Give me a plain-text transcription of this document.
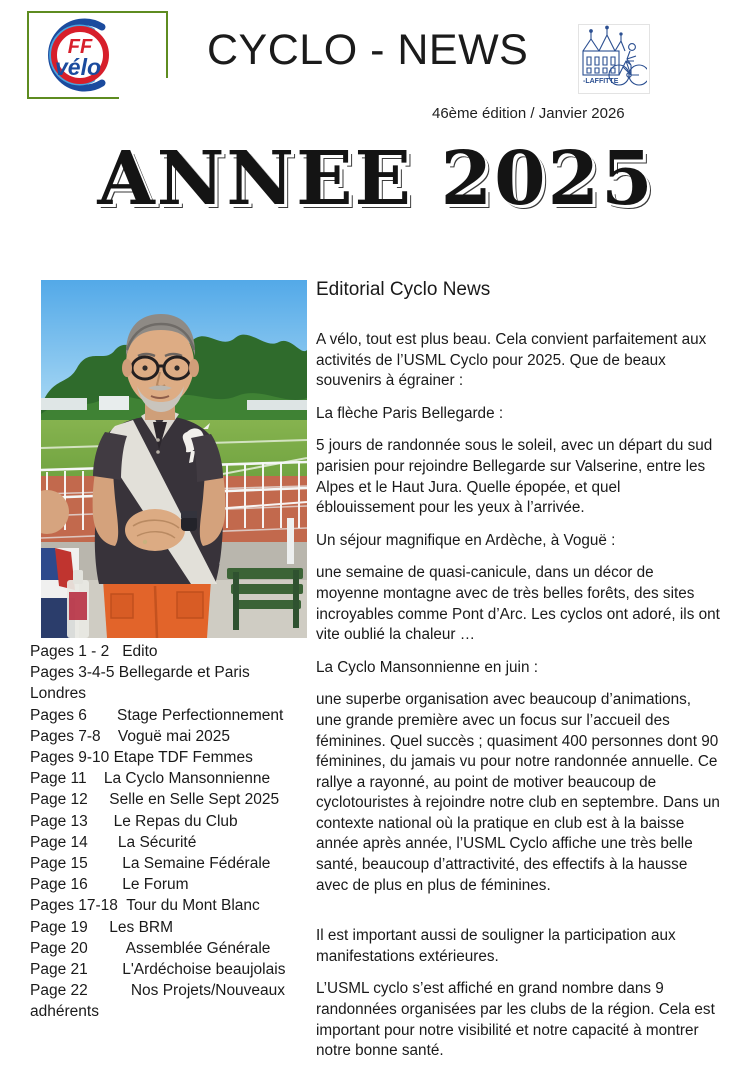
FF
vélo CYCLO - NEWS
-LAFFITTE
46ème édition / Janvier 2026
ANNEE 2025
Pages 1 - 2 Edito
Pages 3-4-5 Bellegarde et Paris Londres
Pages 6 Stage Perfectionnement
Pages 7-8 Voguë mai 2025
Pages 9-10 Etape TDF Femmes
Page 11 La Cyclo Mansonnienne
Page 12 Selle en Selle Sept 2025
Page 13 Le Repas du Club
Page 14 La Sécurité
Page 15 La Semaine Fédérale
Page 16 Le Forum
Pages 17-18 Tour du Mont Blanc
Page 19 Les BRM
Page 20 Assemblée Générale
Page 21 L'Ardéchoise beaujolais
Page 22	Nos Projets/Nouveaux adhérents
Editorial Cyclo News

A vélo, tout est plus beau. Cela convient parfaitement aux activités de l’USML Cyclo pour 2025. Que de beaux souvenirs à égrainer :

La flèche Paris Bellegarde :

5 jours de randonnée sous le soleil, avec un départ du sud parisien pour rejoindre Bellegarde sur Valserine, entre les Alpes et le Haut Jura. Quelle épopée, et quel éblouissement pour les yeux à l’arrivée.

Un séjour magnifique en Ardèche, à Voguë :

une semaine de quasi-canicule, dans un décor de moyenne montagne avec de très belles forêts, des sites incroyables comme Pont d’Arc. Les cyclos ont adoré, ils ont vite oublié la chaleur …

La Cyclo Mansonnienne en juin :

une superbe organisation avec beaucoup d’animations, une grande première avec un focus sur l’accueil des féminines. Quel succès ; quasiment 400 personnes dont 90 féminines, du jamais vu pour notre randonnée annuelle. Ce rallye a rayonné, au point de motiver beaucoup de cyclotouristes à rejoindre notre club en septembre. Dans un contexte national où la pratique en club est à la baisse année après année, l’USML Cyclo affiche une très belle santé, beaucoup d’attractivité, des effectifs à la hausse avec de plus en plus de féminines.

Il est important aussi de souligner la participation aux manifestations extérieures.

L’USML cyclo s’est affiché en grand nombre dans 9 randonnées organisées par les clubs de la région. Cela est important pour notre visibilité et notre capacité à montrer notre bonne santé.
